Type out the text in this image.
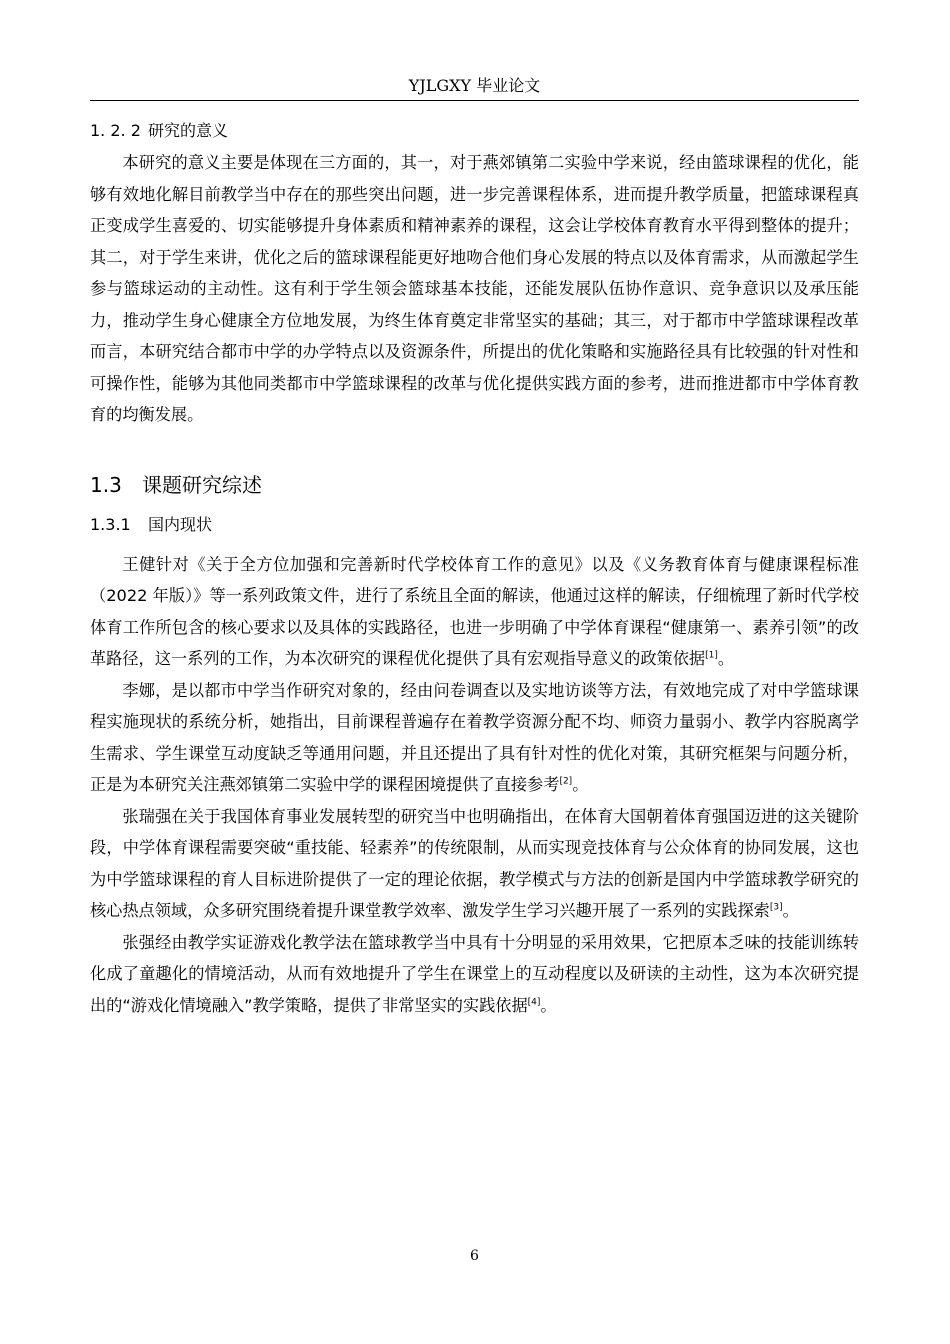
YJLGXY 毕业论文
1. 2. 2 研究的意义

本研究的意义主要是体现在三方面的，其一，对于燕郊镇第二实验中学来说，经由篮球课程的优化，能够有效地化解目前教学当中存在的那些突出问题，进一步完善课程体系，进而提升教学质量，把篮球课程真正变成学生喜爱的、切实能够提升身体素质和精神素养的课程，这会让学校体育教育水平得到整体的提升；其二，对于学生来讲，优化之后的篮球课程能更好地吻合他们身心发展的特点以及体育需求，从而激起学生参与篮球运动的主动性。这有利于学生领会篮球基本技能，还能发展队伍协作意识、竞争意识以及承压能力，推动学生身心健康全方位地发展，为终生体育奠定非常坚实的基础；其三，对于都市中学篮球课程改革而言，本研究结合都市中学的办学特点以及资源条件，所提出的优化策略和实施路径具有比较强的针对性和可操作性，能够为其他同类都市中学篮球课程的改革与优化提供实践方面的参考，进而推进都市中学体育教育的均衡发展。

1.3 课题研究综述
1.3.1 国内现状

王健针对《关于全方位加强和完善新时代学校体育工作的意见》以及《义务教育体育与健康课程标准（2022 年版）》等一系列政策文件，进行了系统且全面的解读，他通过这样的解读，仔细梳理了新时代学校体育工作所包含的核心要求以及具体的实践路径，也进一步明确了中学体育课程“健康第一、素养引领”的改革路径，这一系列的工作，为本次研究的课程优化提供了具有宏观指导意义的政策依据[1]。

李娜，是以都市中学当作研究对象的，经由问卷调查以及实地访谈等方法，有效地完成了对中学篮球课程实施现状的系统分析，她指出，目前课程普遍存在着教学资源分配不均、师资力量弱小、教学内容脱离学生需求、学生课堂互动度缺乏等通用问题，并且还提出了具有针对性的优化对策，其研究框架与问题分析，正是为本研究关注燕郊镇第二实验中学的课程困境提供了直接参考[2]。

张瑞强在关于我国体育事业发展转型的研究当中也明确指出，在体育大国朝着体育强国迈进的这关键阶段，中学体育课程需要突破“重技能、轻素养”的传统限制，从而实现竞技体育与公众体育的协同发展，这也为中学篮球课程的育人目标进阶提供了一定的理论依据，教学模式与方法的创新是国内中学篮球教学研究的核心热点领域，众多研究围绕着提升课堂教学效率、激发学生学习兴趣开展了一系列的实践探索[3]。

张强经由教学实证游戏化教学法在篮球教学当中具有十分明显的采用效果，它把原本乏味的技能训练转化成了童趣化的情境活动，从而有效地提升了学生在课堂上的互动程度以及研读的主动性，这为本次研究提出的“游戏化情境融入”教学策略，提供了非常坚实的实践依据[4]。

6
